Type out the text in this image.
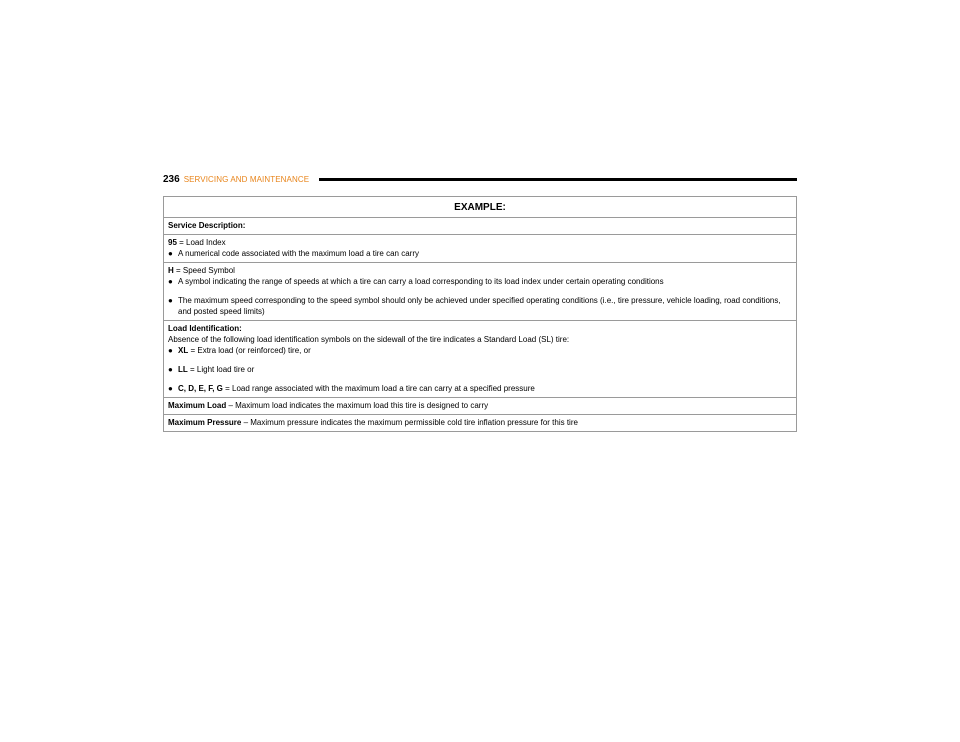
236 SERVICING AND MAINTENANCE
EXAMPLE:
Service Description:

95 = Load Index
● A numerical code associated with the maximum load a tire can carry

H = Speed Symbol
● A symbol indicating the range of speeds at which a tire can carry a load corresponding to its load index under certain operating conditions
● The maximum speed corresponding to the speed symbol should only be achieved under specified operating conditions (i.e., tire pressure, vehicle loading, road conditions, and posted speed limits)

Load Identification:
Absence of the following load identification symbols on the sidewall of the tire indicates a Standard Load (SL) tire:
● XL = Extra load (or reinforced) tire, or
● LL = Light load tire or
● C, D, E, F, G = Load range associated with the maximum load a tire can carry at a specified pressure

Maximum Load – Maximum load indicates the maximum load this tire is designed to carry
Maximum Pressure – Maximum pressure indicates the maximum permissible cold tire inflation pressure for this tire
